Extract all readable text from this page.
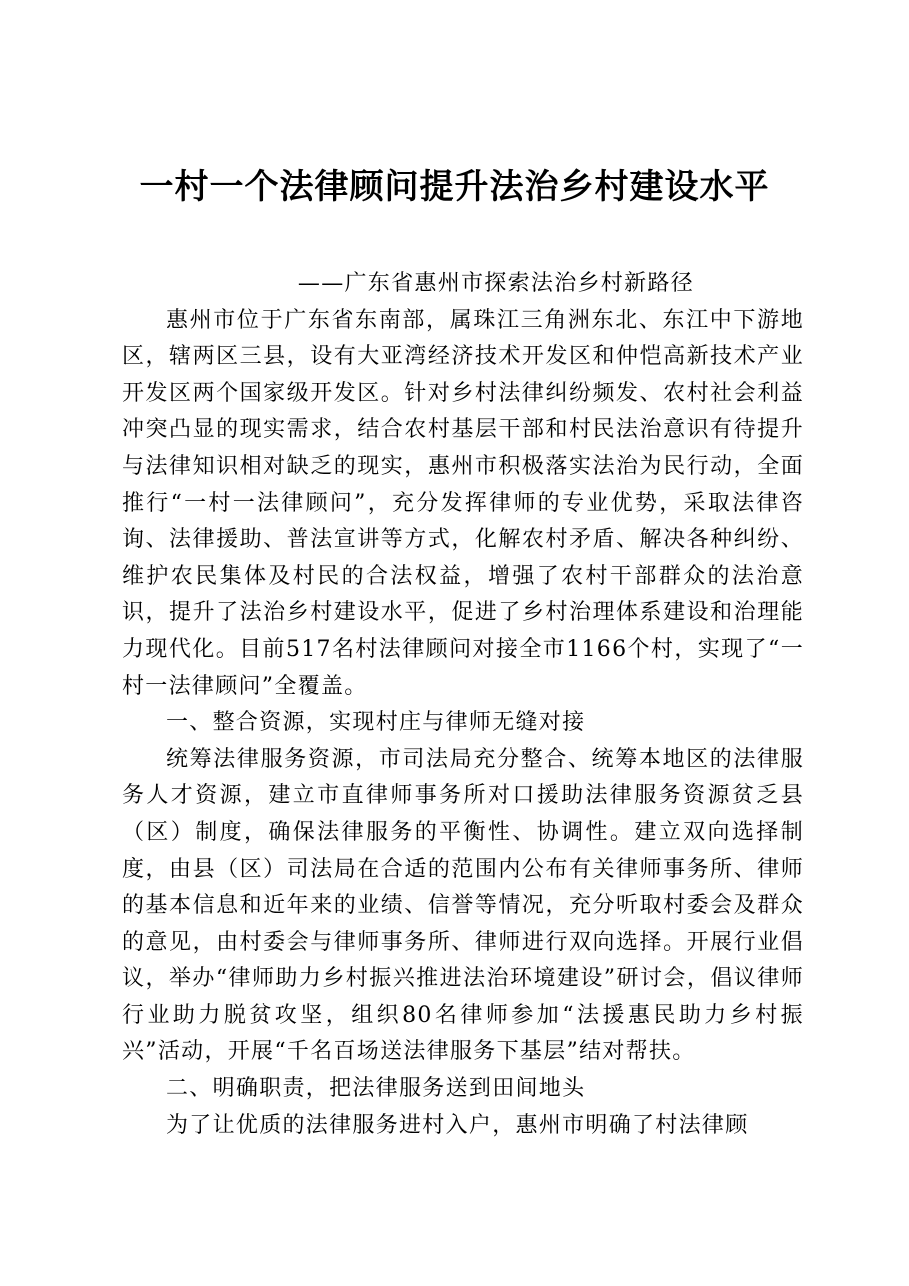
一村一个法律顾问提升法治乡村建设水平

——广东省惠州市探索法治乡村新路径

惠州市位于广东省东南部，属珠江三角洲东北、东江中下游地区，辖两区三县，设有大亚湾经济技术开发区和仲恺高新技术产业开发区两个国家级开发区。针对乡村法律纠纷频发、农村社会利益冲突凸显的现实需求，结合农村基层干部和村民法治意识有待提升与法律知识相对缺乏的现实，惠州市积极落实法治为民行动，全面推行“一村一法律顾问”，充分发挥律师的专业优势，采取法律咨询、法律援助、普法宣讲等方式，化解农村矛盾、解决各种纠纷、维护农民集体及村民的合法权益，增强了农村干部群众的法治意识，提升了法治乡村建设水平，促进了乡村治理体系建设和治理能力现代化。目前517名村法律顾问对接全市1166个村，实现了“一村一法律顾问”全覆盖。

一、整合资源，实现村庄与律师无缝对接

统筹法律服务资源，市司法局充分整合、统筹本地区的法律服务人才资源，建立市直律师事务所对口援助法律服务资源贫乏县（区）制度，确保法律服务的平衡性、协调性。建立双向选择制度，由县（区）司法局在合适的范围内公布有关律师事务所、律师的基本信息和近年来的业绩、信誉等情况，充分听取村委会及群众的意见，由村委会与律师事务所、律师进行双向选择。开展行业倡议，举办“律师助力乡村振兴推进法治环境建设”研讨会，倡议律师行业助力脱贫攻坚，组织80名律师参加“法援惠民助力乡村振兴”活动，开展“千名百场送法律服务下基层”结对帮扶。

二、明确职责，把法律服务送到田间地头

为了让优质的法律服务进村入户，惠州市明确了村法律顾
